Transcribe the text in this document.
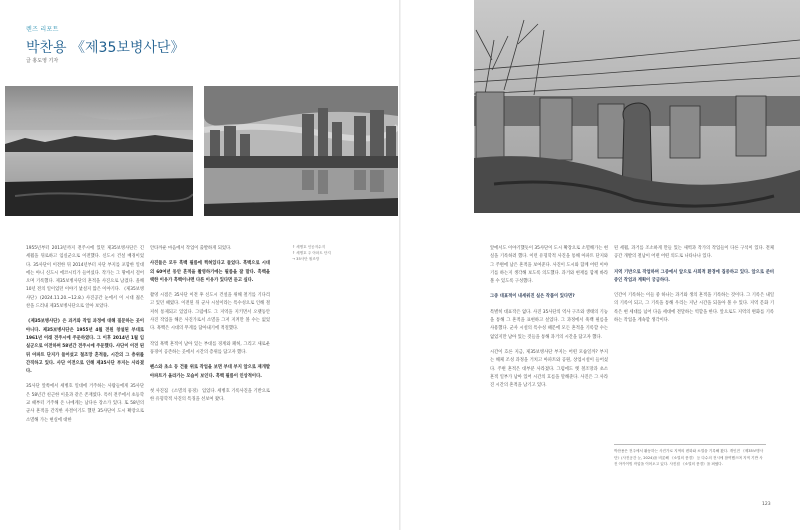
렌즈 리포트
박찬용 《제35보병사단》
글 홍도영 기자
↑ 세병호 인공저수지
↑ 세병호 주 아파트 단지
→ 35사단 철조망

1955년부터 2013년까지 전주시에 있던 제35보병사단은 긴 세월을 뒤로하고 임실군으로 이전했다. 신도시 건설 배경이었다. 35사단이 이전한 뒤 2014년부터 사단 부지를 포함한 일대에는 아니 신도시 에코시티가 들어섰다. 작가는 그 땅에서 걸어오며 기록했다. 제35보병사단의 흔적을 사진으로 남겼다. 올해 10년 전의 일이었던 이야기 낯설지 않은 이야기다. 《제35보병사단》(2024.11.20.~12.8.) 사진공간 눈에서 이 시대 젊은 찬을 드러내 제35보병사단으로 알아 보았다.

《제35보병사단》은 과거와 작업 과정에 대해 질문하는 곳이 아니다. 제35보병사단은 1955년 4월 전원 창설된 부대로 1961년 이래 전주시에 주둔하였다. 그 이후 2014년 1월 임실군으로 이전하며 58년간 전주시에 주둔했다. 사단이 이전 된 뒤 아파트 단지가 들어섰고 철조망 흔적들, 시간의 그 층위를 간직하고 있다. 사단 이전으로 인해 제35사단 부지는 사라졌다.

35사단 앞쪽에서 세병호 일대에 거주하는 사람들에게 35사단은 58년간 친근한 이웃과 같은 존재였다. 특히 전주에서 초등학교 때부터 거주해 온 나에게는 남다른 장소가 있다. 또 58년의 군사 흔적을 간직한 사결이기도 했던 35사단이 도시 확장으로 소멸해 가는 현실에 대한

안타까운 마음에서 작업이 출발하게 되었다.

사진들은 모두 흑백 필름에 찍혀있다고 들었다. 흑백으로 시대의 60여년 동안 흔적을 촬영하기에는 필름을 잘 말다. 흑백을 택한 이유가 흑백이냐면 다른 이유가 있다면 듣고 싶다.

촬영 시점은 35사단 이전 후 신도시 건설을 위해 철거를 기다리고 있던 때였다. 이전된 뒤 군사 시설이라는 특수성으로 인해 철저히 통제되고 있었다. 그럼에도 그 지역을 지키면서 오랫동안 사진 작업을 해온 사진가로서 소멸을 그저 지켜만 볼 수는 없었다. 흑백은 시대의 무게를 담아내기에 적절했다.

작업 흑백 흔적이 남아 있는 부대를 경계와 폐허, 그리고 새로운 풍경이 공존하는 곳에서 시간의 층위를 담고자 했다.

펜스와 초소 등 건물 위로 작업을 보면 부대 부지 앞으로 재개발 아파트가 올라가는 모습이 보인다. 흑백 필름이 인상적이다.

첫 사진집 《소멸의 풍경》 입었다. 세병호 기록사진을 기반으로 한 유형학적 사진의 특징을 선보여 왔다.

앞에서도 이야기했듯이 35사단이 도시 확장으로 소멸해가는 현실을 기록하려 했다. 이런 유형학적 사진을 통해 아파트 단지와 그 주변에 남은 흔적을 보여준다. 사진이 도시와 함께 어떤 이야기를 하는지 생각해 보도록 의도했다. 과거와 현재를 함께 바라볼 수 있도록 구성했다.

그중 대표적이 내세워진 실은 작품이 있다면?

특별히 대표작은 없다. 사진 35사단의 역사 구조와 생태의 기능을 통해 그 흔적을 표현하고 싶었다. 그 과정에서 흑백 필름을 사용했다. 군사 시설의 특수성 때문에 모든 흔적을 기록할 수는 없었지만 남아 있는 것들을 통해 과거의 시간을 담고자 했다.

시간이 흐른 지금, 제35보병사단 부지는 어떤 모습일까? 부지는 해체 조성 과정을 거치고 아파트와 공원, 상업시설이 들어섰다. 주변 흔적은 대부분 사라졌다. 그럼에도 옛 철조망과 초소 흔적 일부가 남아 있어 시간의 흐름을 말해준다. 사진은 그 사라진 시간의 흔적을 남기고 있다.

된 세월, 과거를 조소하게 만들 있는 새벽과 작가의 작업들이 다른 구석이 있다. 전체 공간 개발의 철남이 어떤 어떤 의도로 나타나나 있다.

지역 기반으로 작업하며 그중에서 앞으로 사회적 환경에 집중하고 있다. 앞으로 준비 중인 작업과 계획이 궁금하다.

인간이 기록하는 이들 중 하나는 과거와 생의 흔적을 기록하는 것이다. 그 기록은 내일의 기록이 되고, 그 기록을 통해 우리는 지난 시간을 되돌아 볼 수 있다. 지역 문화 기록은 현 세대를 넘어 다음 세대에 전달하는 역할을 한다. 앞으로도 지역의 변화를 기록하는 작업을 계속할 생각이다.

박찬용은 전주에서 활동하는 사진가로 지역의 변화와 소멸을 기록해 왔다. 개인전 《제35보병사단》(사진공간 눈, 2024)을 비롯해 《소멸의 풍경》 등 다수의 전시에 참여했으며 지역 기반 사진 아카이빙 작업을 이어오고 있다. 사진집 《소멸의 풍경》을 펴냈다.
123
